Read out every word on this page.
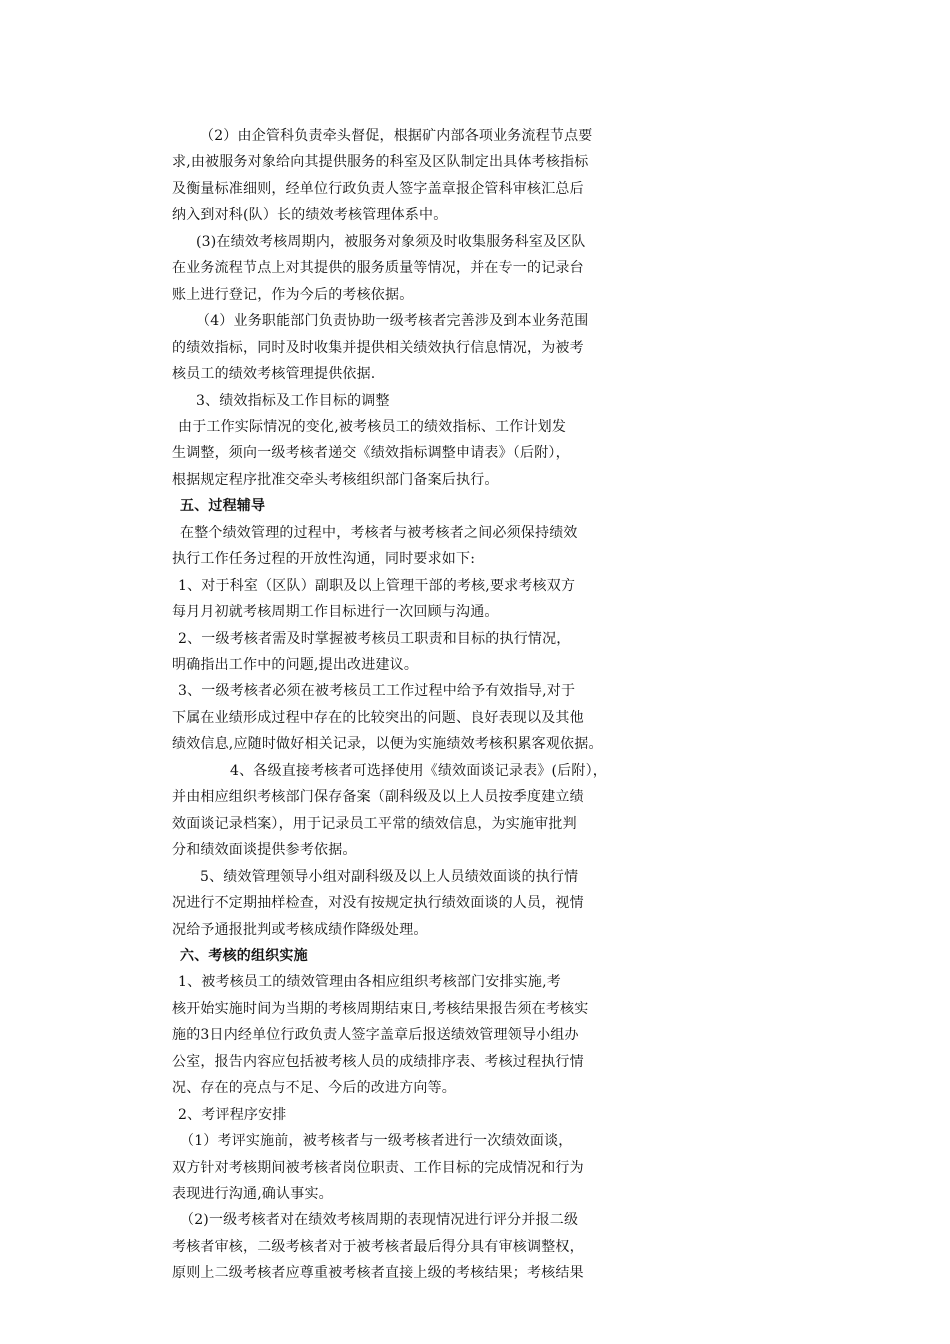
（2）由企管科负责牵头督促，根据矿内部各项业务流程节点要
求,由被服务对象给向其提供服务的科室及区队制定出具体考核指标
及衡量标准细则，经单位行政负责人签字盖章报企管科审核汇总后
纳入到对科(队）长的绩效考核管理体系中。
(3)在绩效考核周期内，被服务对象须及时收集服务科室及区队
在业务流程节点上对其提供的服务质量等情况，并在专一的记录台
账上进行登记，作为今后的考核依据。
（4）业务职能部门负责协助一级考核者完善涉及到本业务范围
的绩效指标，同时及时收集并提供相关绩效执行信息情况，为被考
核员工的绩效考核管理提供依据.
3、绩效指标及工作目标的调整
由于工作实际情况的变化,被考核员工的绩效指标、工作计划发
生调整，须向一级考核者递交《绩效指标调整申请表》（后附），
根据规定程序批准交牵头考核组织部门备案后执行。
五、过程辅导
在整个绩效管理的过程中，考核者与被考核者之间必须保持绩效
执行工作任务过程的开放性沟通，同时要求如下:
1、对于科室（区队）副职及以上管理干部的考核,要求考核双方
每月月初就考核周期工作目标进行一次回顾与沟通。
2、一级考核者需及时掌握被考核员工职责和目标的执行情况，
明确指出工作中的问题,提出改进建议。
3、一级考核者必须在被考核员工工作过程中给予有效指导,对于
下属在业绩形成过程中存在的比较突出的问题、良好表现以及其他
绩效信息,应随时做好相关记录，以便为实施绩效考核积累客观依据。
4、各级直接考核者可选择使用《绩效面谈记录表》(后附），
并由相应组织考核部门保存备案（副科级及以上人员按季度建立绩
效面谈记录档案），用于记录员工平常的绩效信息，为实施审批判
分和绩效面谈提供参考依据。
5、绩效管理领导小组对副科级及以上人员绩效面谈的执行情
况进行不定期抽样检查，对没有按规定执行绩效面谈的人员，视情
况给予通报批判或考核成绩作降级处理。
六、考核的组织实施
1、被考核员工的绩效管理由各相应组织考核部门安排实施,考
核开始实施时间为当期的考核周期结束日,考核结果报告须在考核实
施的3日内经单位行政负责人签字盖章后报送绩效管理领导小组办
公室，报告内容应包括被考核人员的成绩排序表、考核过程执行情
况、存在的亮点与不足、今后的改进方向等。
2、考评程序安排
（1）考评实施前，被考核者与一级考核者进行一次绩效面谈，
双方针对考核期间被考核者岗位职责、工作目标的完成情况和行为
表现进行沟通,确认事实。
（2)一级考核者对在绩效考核周期的表现情况进行评分并报二级
考核者审核，二级考核者对于被考核者最后得分具有审核调整权，
原则上二级考核者应尊重被考核者直接上级的考核结果；考核结果
